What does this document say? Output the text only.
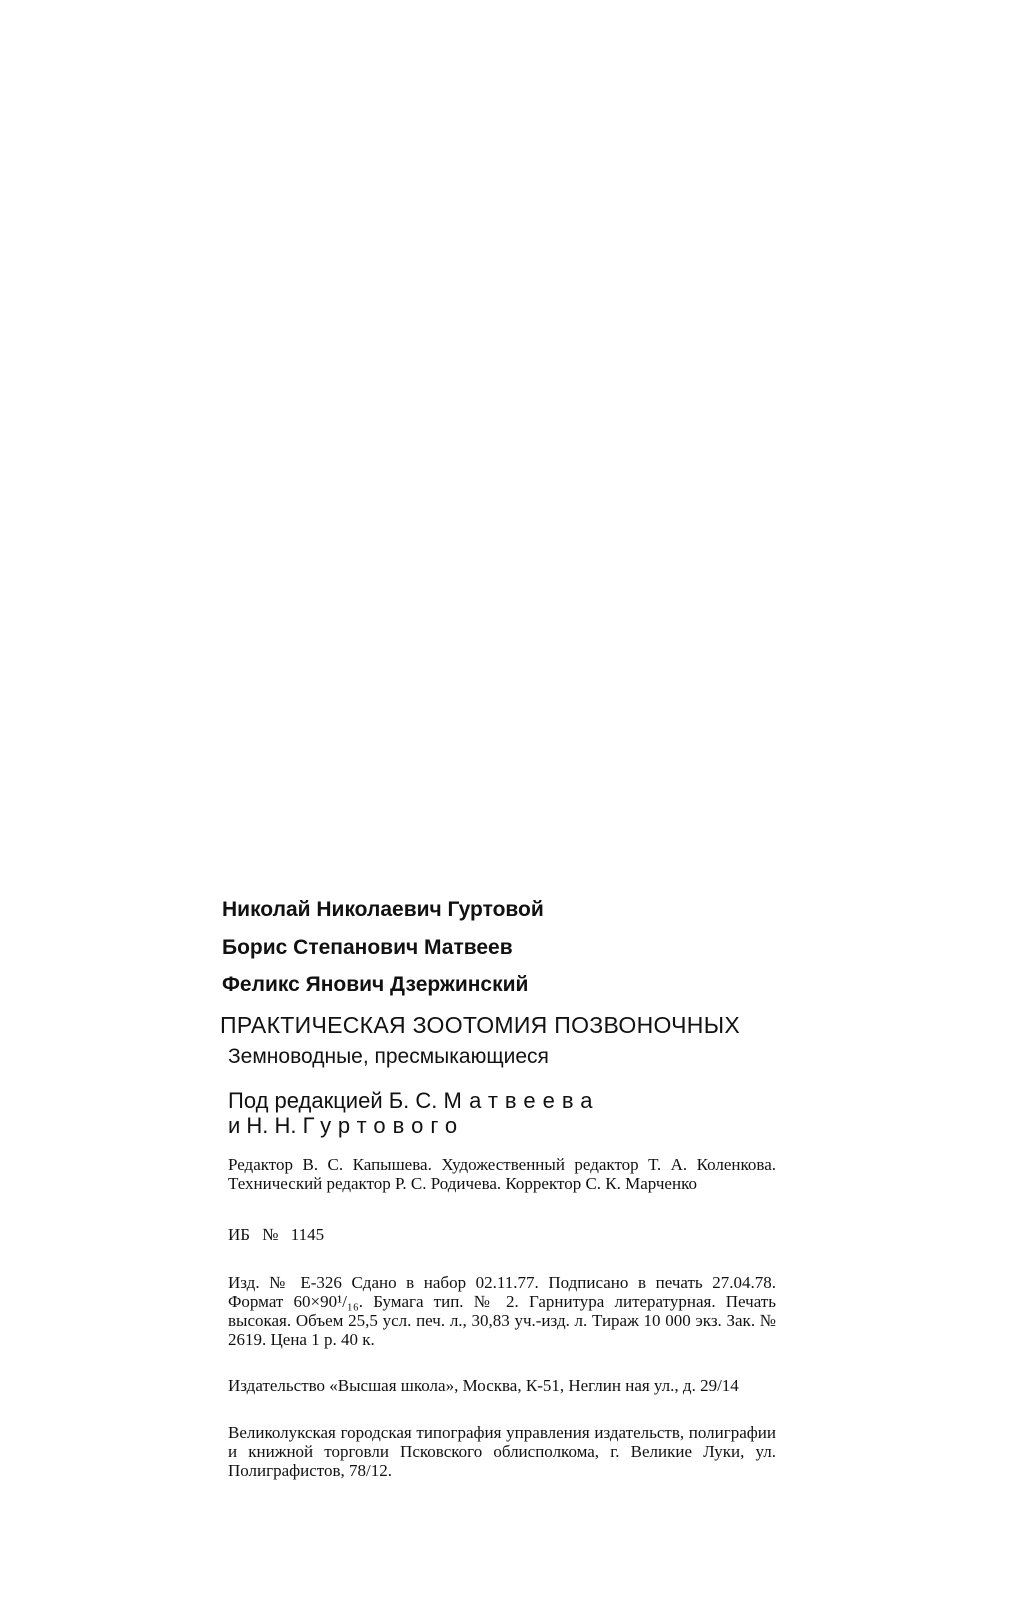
Николай Николаевич Гуртовой
Борис Степанович Матвеев
Феликс Янович Дзержинский
ПРАКТИЧЕСКАЯ ЗООТОМИЯ ПОЗВОНОЧНЫХ
Земноводные, пресмыкающиеся
Под редакцией Б. С. Матвеева
и Н. Н. Гуртового
Редактор В. С. Капышева. Художественный редактор Т. А. Коленкова. Технический редактор Р. С. Родичева. Корректор С. К. Марченко
ИБ № 1145
Изд. № Е-326 Сдано в набор 02.11.77. Подписано в печать 27.04.78. Формат 60×90¹/₁₆. Бумага тип. № 2. Гарнитура литературная. Печать высокая. Объем 25,5 усл. печ. л., 30,83 уч.-изд. л. Тираж 10 000 экз. Зак. № 2619. Цена 1 р. 40 к.
Издательство «Высшая школа», Москва, К-51, Неглин ная ул., д. 29/14
Великолукская городская типография управления издательств, полиграфии и книжной торговли Псковского облисполкома, г. Великие Луки, ул. Полиграфистов, 78/12.
